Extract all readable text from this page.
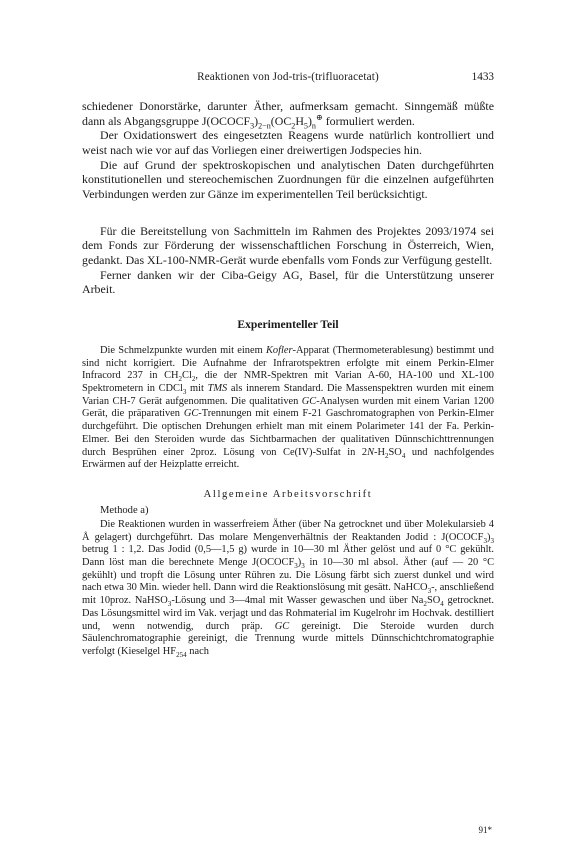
Reaktionen von Jod-tris-(trifluoracetat)	1433

schiedener Donorstärke, darunter Äther, aufmerksam gemacht. Sinngemäß müßte dann als Abgangsgruppe $J(OCOCF_3)_{2-n}(OC_2H_5)_n^\oplus$ formuliert werden.

Der Oxidationswert des eingesetzten Reagens wurde natürlich kontrolliert und weist nach wie vor auf das Vorliegen einer dreiwertigen Jodspecies hin.

Die auf Grund der spektroskopischen und analytischen Daten durchgeführten konstitutionellen und stereochemischen Zuordnungen für die einzelnen aufgeführten Verbindungen werden zur Gänze im experimentellen Teil berücksichtigt.

Für die Bereitstellung von Sachmitteln im Rahmen des Projektes 2093/1974 sei dem Fonds zur Förderung der wissenschaftlichen Forschung in Österreich, Wien, gedankt. Das XL-100-NMR-Gerät wurde ebenfalls vom Fonds zur Verfügung gestellt.

Ferner danken wir der Ciba-Geigy AG, Basel, für die Unterstützung unserer Arbeit.

Experimenteller Teil

Die Schmelzpunkte wurden mit einem Kofler-Apparat (Thermometerablesung) bestimmt und sind nicht korrigiert. Die Aufnahme der Infrarotspektren erfolgte mit einem Perkin-Elmer Infracord 237 in $CH_2Cl_2$, die der NMR-Spektren mit Varian A-60, HA-100 und XL-100 Spektrometern in CDCl$_3$ mit TMS als innerem Standard. Die Massenspektren wurden mit einem Varian CH-7 Gerät aufgenommen. Die qualitativen GC-Analysen wurden mit einem Varian 1200 Gerät, die präparativen GC-Trennungen mit einem F-21 Gaschromatographen von Perkin-Elmer durchgeführt. Die optischen Drehungen erhielt man mit einem Polarimeter 141 der Fa. Perkin-Elmer. Bei den Steroiden wurde das Sichtbarmachen der qualitativen Dünnschichttrennungen durch Besprühen einer 2proz. Lösung von Ce(IV)-Sulfat in $2N-H_2SO_4$ und nachfolgendes Erwärmen auf der Heizplatte erreicht.

Allgemeine Arbeitsvorschrift

Methode a)

Die Reaktionen wurden in wasserfreiem Äther (über Na getrocknet und über Molekularsieb 4 Å gelagert) durchgeführt. Das molare Mengenverhältnis der Reaktanden Jodid : $J(OCOCF_3)_3$ betrug 1 : 1,2. Das Jodid (0,5—1,5 g) wurde in 10—30 ml Äther gelöst und auf 0 °C gekühlt. Dann löst man die berechnete Menge $J(OCOCF_3)_3$ in 10—30 ml absol. Äther (auf — 20 °C gekühlt) und tropft die Lösung unter Rühren zu. Die Lösung färbt sich zuerst dunkel und wird nach etwa 30 Min. wieder hell. Dann wird die Reaktionslösung mit gesätt. NaHCO$_3$-, anschließend mit 10proz. NaHSO$_3$-Lösung und 3—4mal mit Wasser gewaschen und über $Na_2SO_4$ getrocknet. Das Lösungsmittel wird im Vak. verjagt und das Rohmaterial im Kugelrohr im Hochvak. destilliert und, wenn notwendig, durch präp. GC gereinigt. Die Steroide wurden durch Säulenchromatographie gereinigt, die Trennung wurde mittels Dünnschichtchromatographie verfolgt (Kieselgel $HF_{254}$ nach

91*
